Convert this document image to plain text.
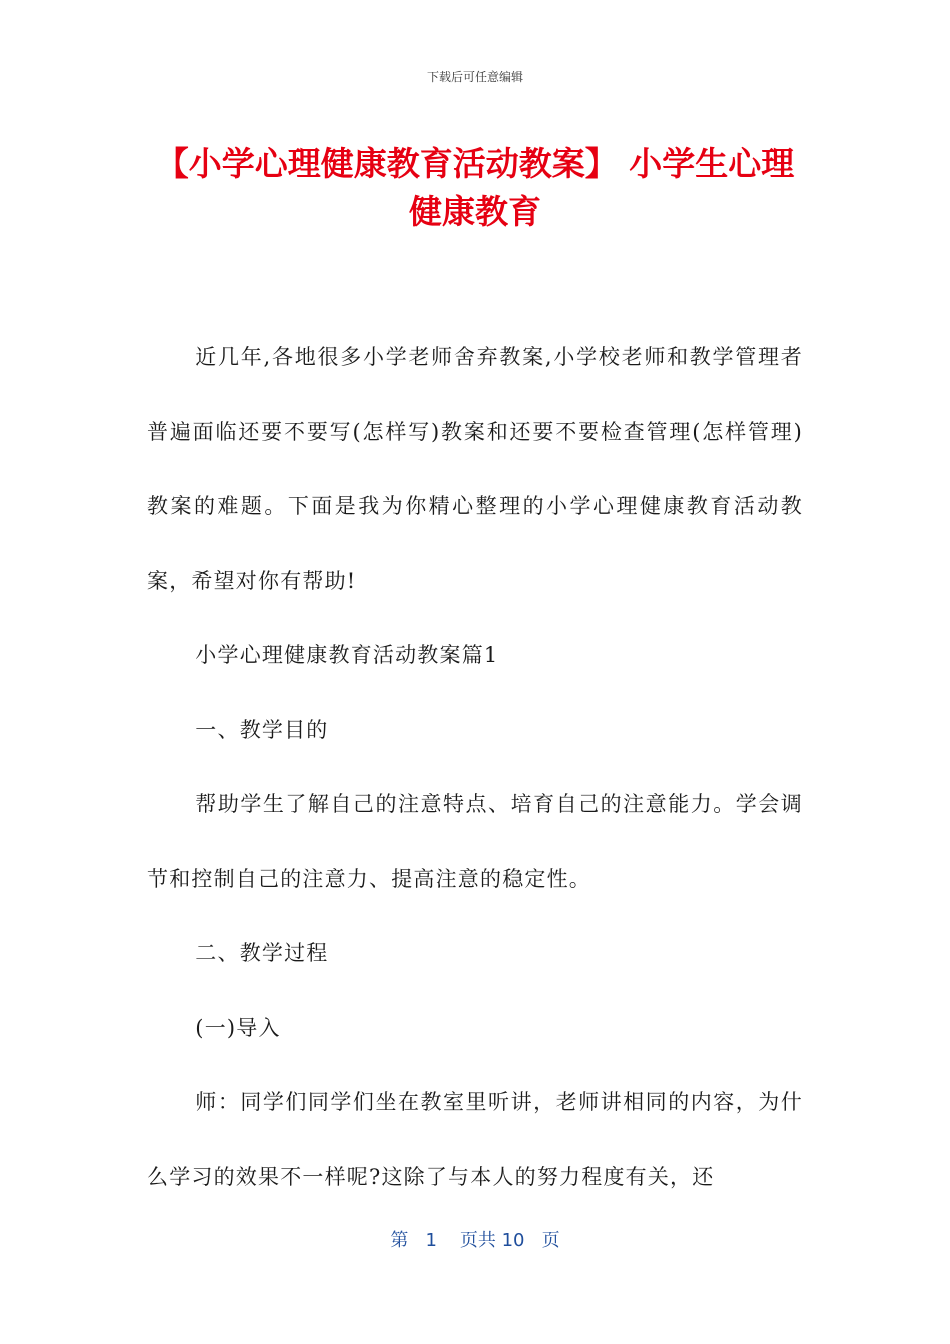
下载后可任意编辑
【小学心理健康教育活动教案】 小学生心理健康教育

近几年,各地很多小学老师舍弃教案,小学校老师和教学管理者普遍面临还要不要写(怎样写)教案和还要不要检查管理(怎样管理)教案的难题。下面是我为你精心整理的小学心理健康教育活动教案，希望对你有帮助!

小学心理健康教育活动教案篇1

一、教学目的

帮助学生了解自己的注意特点、培育自己的注意能力。学会调节和控制自己的注意力、提高注意的稳定性。

二、教学过程

(一)导入

师：同学们同学们坐在教室里听讲，老师讲相同的内容，为什么学习的效果不一样呢?这除了与本人的努力程度有关，还

第 1 页共 10 页
